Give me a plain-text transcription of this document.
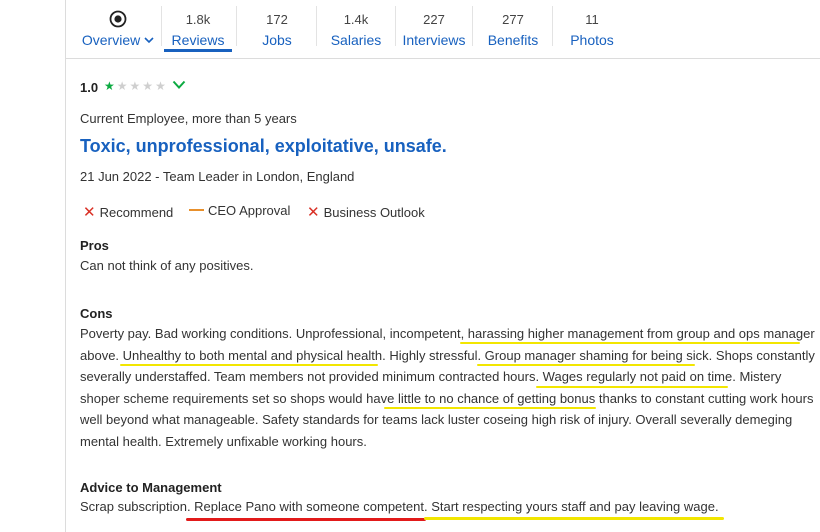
Overview
1.8k
Reviews
172
Jobs
1.4k
Salaries
227
Interviews
277
Benefits
11
Photos
1.0 ★★★★★
Current Employee, more than 5 years
Toxic, unprofessional, exploitative, unsafe.
21 Jun 2022 - Team Leader in London, England
✕ Recommend	CEO Approval ✕ Business Outlook
Pros
Can not think of any positives.
Cons
Poverty pay. Bad working conditions. Unprofessional, incompetent, harassing higher management from group and ops manager
above. Unhealthy to both mental and physical health. Highly stressful. Group manager shaming for being sick. Shops constantly
severally understaffed. Team members not provided minimum contracted hours. Wages regularly not paid on time. Mistery
shoper scheme requirements set so shops would have little to no chance of getting bonus thanks to constant cutting work hours
well beyond what manageable. Safety standards for teams lack luster coseing high risk of injury. Overall severally demeging
mental health. Extremely unfixable working hours.
Advice to Management
Scrap subscription. Replace Pano with someone competent. Start respecting yours staff and pay leaving wage.
